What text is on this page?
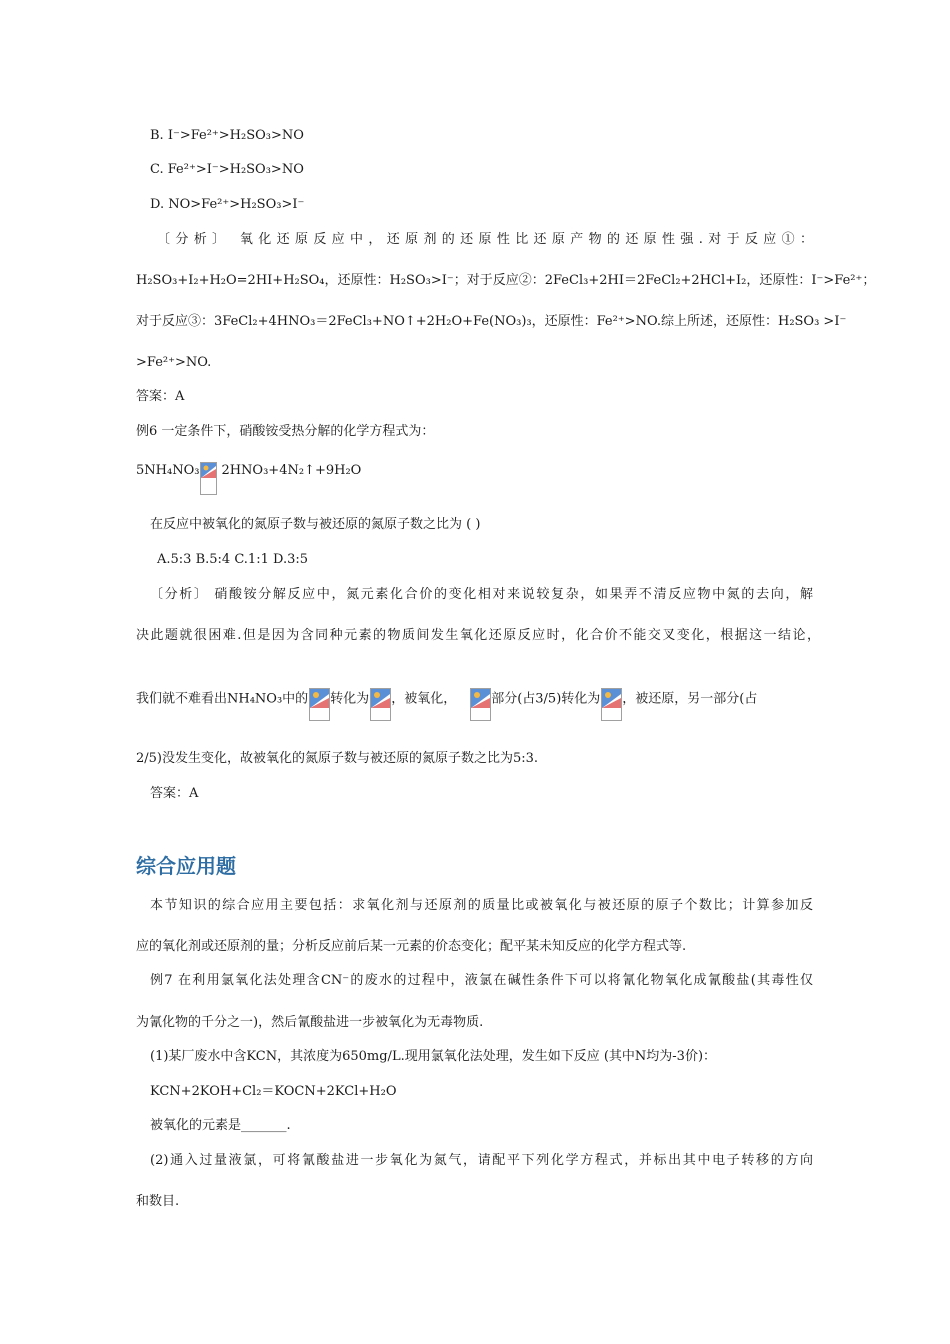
B. I⁻>Fe²⁺>H₂SO₃>NO
C. Fe²⁺>I⁻>H₂SO₃>NO
D. NO>Fe²⁺>H₂SO₃>I⁻
〔分析〕 氧化还原反应中，还原剂的还原性比还原产物的还原性强.对于反应①：
H₂SO₃+I₂+H₂O=2HI+H₂SO₄，还原性：H₂SO₃>I⁻；对于反应②：2FeCl₃+2HI＝2FeCl₂+2HCl+I₂，还原性：I⁻>Fe²⁺；
对于反应③：3FeCl₂+4HNO₃＝2FeCl₃+NO↑+2H₂O+Fe(NO₃)₃，还原性：Fe²⁺>NO.综上所述，还原性：H₂SO₃ >I⁻
>Fe²⁺>NO.
答案：A
例6 一定条件下，硝酸铵受热分解的化学方程式为：
5NH₄NO₃ 2HNO₃+4N₂↑+9H₂O
在反应中被氧化的氮原子数与被还原的氮原子数之比为 ( )
A.5:3 B.5:4 C.1:1 D.3:5
〔分析〕 硝酸铵分解反应中，氮元素化合价的变化相对来说较复杂，如果弄不清反应物中氮的去向，解
决此题就很困难.但是因为含同种元素的物质间发生氧化还原反应时，化合价不能交叉变化，根据这一结论，
我们就不难看出NH₄NO₃中的 转化为 ，被氧化，	部分(占3/5)转化为 ，被还原，另一部分(占
2/5)没发生变化，故被氧化的氮原子数与被还原的氮原子数之比为5:3.
答案：A
综合应用题
本节知识的综合应用主要包括：求氧化剂与还原剂的质量比或被氧化与被还原的原子个数比；计算参加反
应的氧化剂或还原剂的量；分析反应前后某一元素的价态变化；配平某未知反应的化学方程式等.
例7 在利用氯氧化法处理含CN⁻的废水的过程中，液氯在碱性条件下可以将氰化物氧化成氰酸盐(其毒性仅
为氰化物的千分之一)，然后氰酸盐进一步被氧化为无毒物质.
(1)某厂废水中含KCN，其浓度为650mg/L.现用氯氧化法处理，发生如下反应 (其中N均为-3价)：
KCN+2KOH+Cl₂＝KOCN+2KCl+H₂O
被氧化的元素是_______.
(2)通入过量液氯，可将氰酸盐进一步氧化为氮气，请配平下列化学方程式，并标出其中电子转移的方向
和数目.
